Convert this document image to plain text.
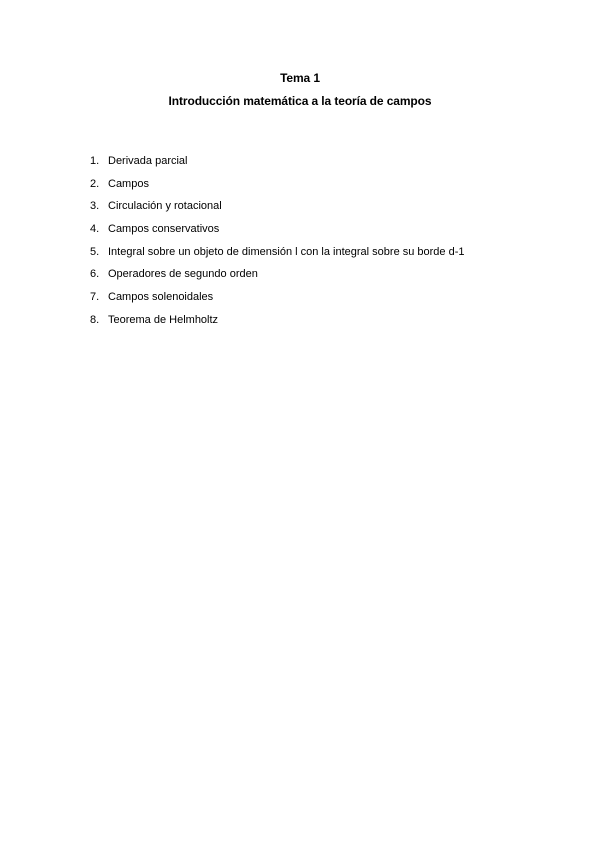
Tema 1
Introducción matemática a la teoría de campos
1. Derivada parcial
2. Campos
3. Circulación y rotacional
4. Campos conservativos
5. Integral sobre un objeto de dimensión l con la integral sobre su borde d-1
6. Operadores de segundo orden
7. Campos solenoidales
8. Teorema de Helmholtz
